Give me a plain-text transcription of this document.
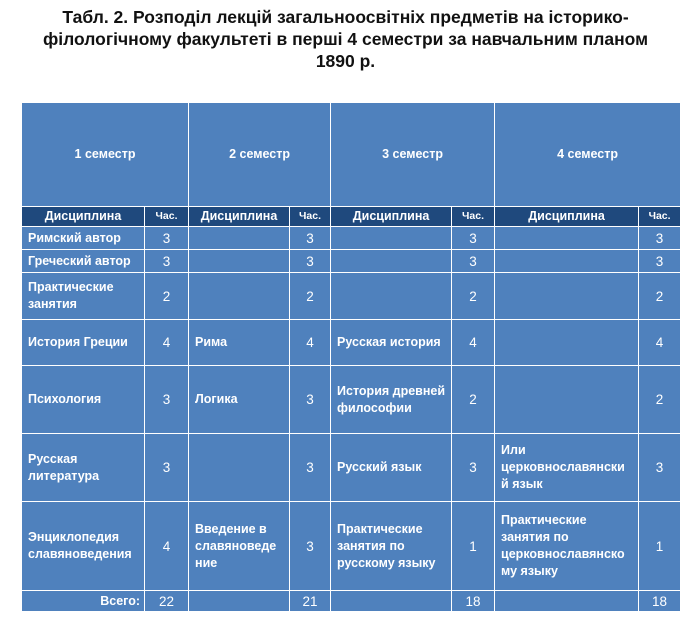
Табл. 2. Розподіл лекцій загальноосвітніх предметів на історико-
філологічному факультеті в перші 4 семестри за навчальним планом
1890 р.
1 семестр		2 семестр		3 семестр		4 семестр	
Дисциплина	Час.	Дисциплина	Час.	Дисциплина	Час.	Дисциплина	Час.
Римский автор	3		3		3		3
Греческий автор	3		3		3		3
Практические занятия	2		2		2		2
История Греции	4	Рима	4	Русская история	4		4
Психология	3	Логика	3	История древней философии	2		2
Русская литература	3		3	Русский язык	3	Или церковнославянский язык	3
Энциклопедия славяноведения	4	Введение в славяноведение	3	Практические занятия по русскому языку	1	Практические занятия по церковнославянскому языку	1
Всего:	22		21		18		18
